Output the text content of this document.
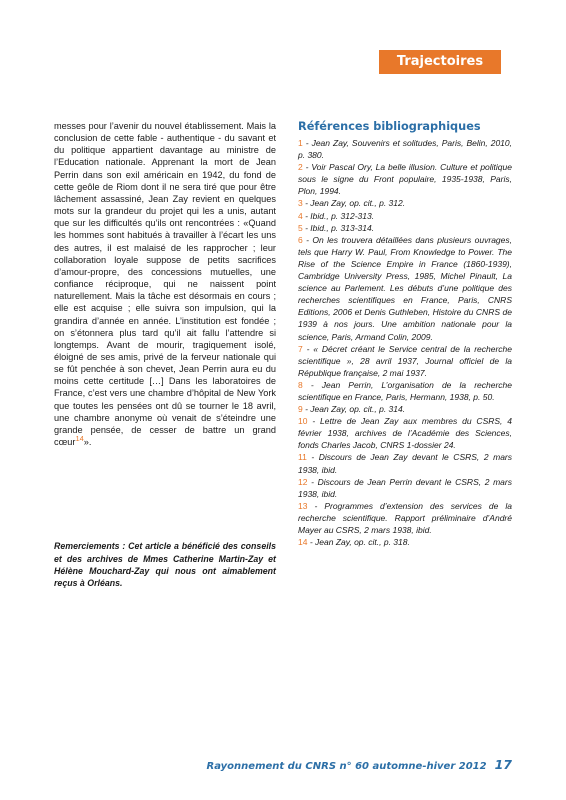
Trajectoires

messes pour l’avenir du nouvel établissement. Mais la conclusion de cette fable - authentique - du savant et du politique appartient davantage au ministre de l’Education nationale. Apprenant la mort de Jean Perrin dans son exil américain en 1942, du fond de cette geôle de Riom dont il ne sera tiré que pour être lâchement assassiné, Jean Zay revient en quelques mots sur la grandeur du projet qui les a unis, autant que sur les difficultés qu’ils ont rencontrées : «Quand les hommes sont habitués à travailler à l’écart les uns des autres, il est malaisé de les rapprocher ; leur collaboration loyale suppose de petits sacrifices d’amour-propre, des concessions mutuelles, une confiance réciproque, qui ne naissent point naturellement. Mais la tâche est désormais en cours ; elle est acquise ; elle suivra son impulsion, qui la grandira d’année en année. L’institution est fondée ; on s’étonnera plus tard qu’il ait fallu l’attendre si longtemps. Avant de mourir, tragiquement isolé, éloigné de ses amis, privé de la ferveur nationale qui se fût penchée à son chevet, Jean Perrin aura eu du moins cette certitude […] Dans les laboratoires de France, c’est vers une chambre d’hôpital de New York que toutes les pensées ont dû se tourner le 18 avril, une chambre anonyme où venait de s’éteindre une grande pensée, de cesser de battre un grand cœur$^{14}$».

Remerciements : Cet article a bénéficié des conseils et des archives de Mmes Catherine Martin-Zay et Hélène Mouchard-Zay qui nous ont aimablement reçus à Orléans.

Références bibliographiques

1 - Jean Zay, Souvenirs et solitudes, Paris, Belin, 2010, p. 380.

2 - Voir Pascal Ory, La belle illusion. Culture et politique sous le signe du Front populaire, 1935-1938, Paris, Plon, 1994.

3 - Jean Zay, op. cit., p. 312.

4 - Ibid., p. 312-313.

5 - Ibid., p. 313-314.

6 - On les trouvera détaillées dans plusieurs ouvrages, tels que Harry W. Paul, From Knowledge to Power. The Rise of the Science Empire in France (1860-1939), Cambridge University Press, 1985, Michel Pinault, La science au Parlement. Les débuts d’une politique des recherches scientifiques en France, Paris, CNRS Editions, 2006 et Denis Guthleben, Histoire du CNRS de 1939 à nos jours. Une ambition nationale pour la science, Paris, Armand Colin, 2009.

7 - « Décret créant le Service central de la recherche scientifique », 28 avril 1937, Journal officiel de la République française, 2 mai 1937.

8 - Jean Perrin, L’organisation de la recherche scientifique en France, Paris, Hermann, 1938, p. 50.

9 - Jean Zay, op. cit., p. 314.

10 - Lettre de Jean Zay aux membres du CSRS, 4 février 1938, archives de l’Académie des Sciences, fonds Charles Jacob, CNRS 1-dossier 24.

11 - Discours de Jean Zay devant le CSRS, 2 mars 1938, ibid.

12 - Discours de Jean Perrin devant le CSRS, 2 mars 1938, ibid.

13 - Programmes d’extension des services de la recherche scientifique. Rapport préliminaire d’André Mayer au CSRS, 2 mars 1938, ibid.

14 - Jean Zay, op. cit., p. 318.

Rayonnement du CNRS n° 60 automne-hiver 2012 17
